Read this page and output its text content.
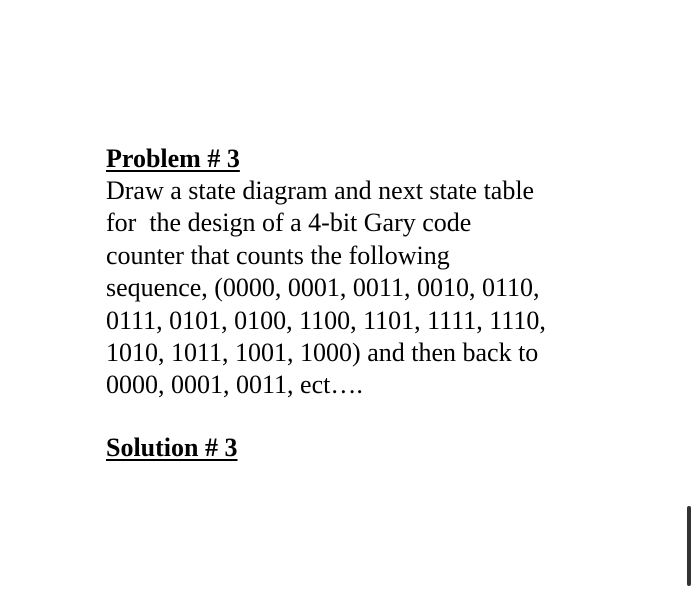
Problem # 3

Draw a state diagram and next state table

for  the design of a 4-bit Gary code

counter that counts the following

sequence, (0000, 0001, 0011, 0010, 0110,

0111, 0101, 0100, 1100, 1101, 1111, 1110,

1010, 1011, 1001, 1000) and then back to

0000, 0001, 0011, ect….

Solution # 3
